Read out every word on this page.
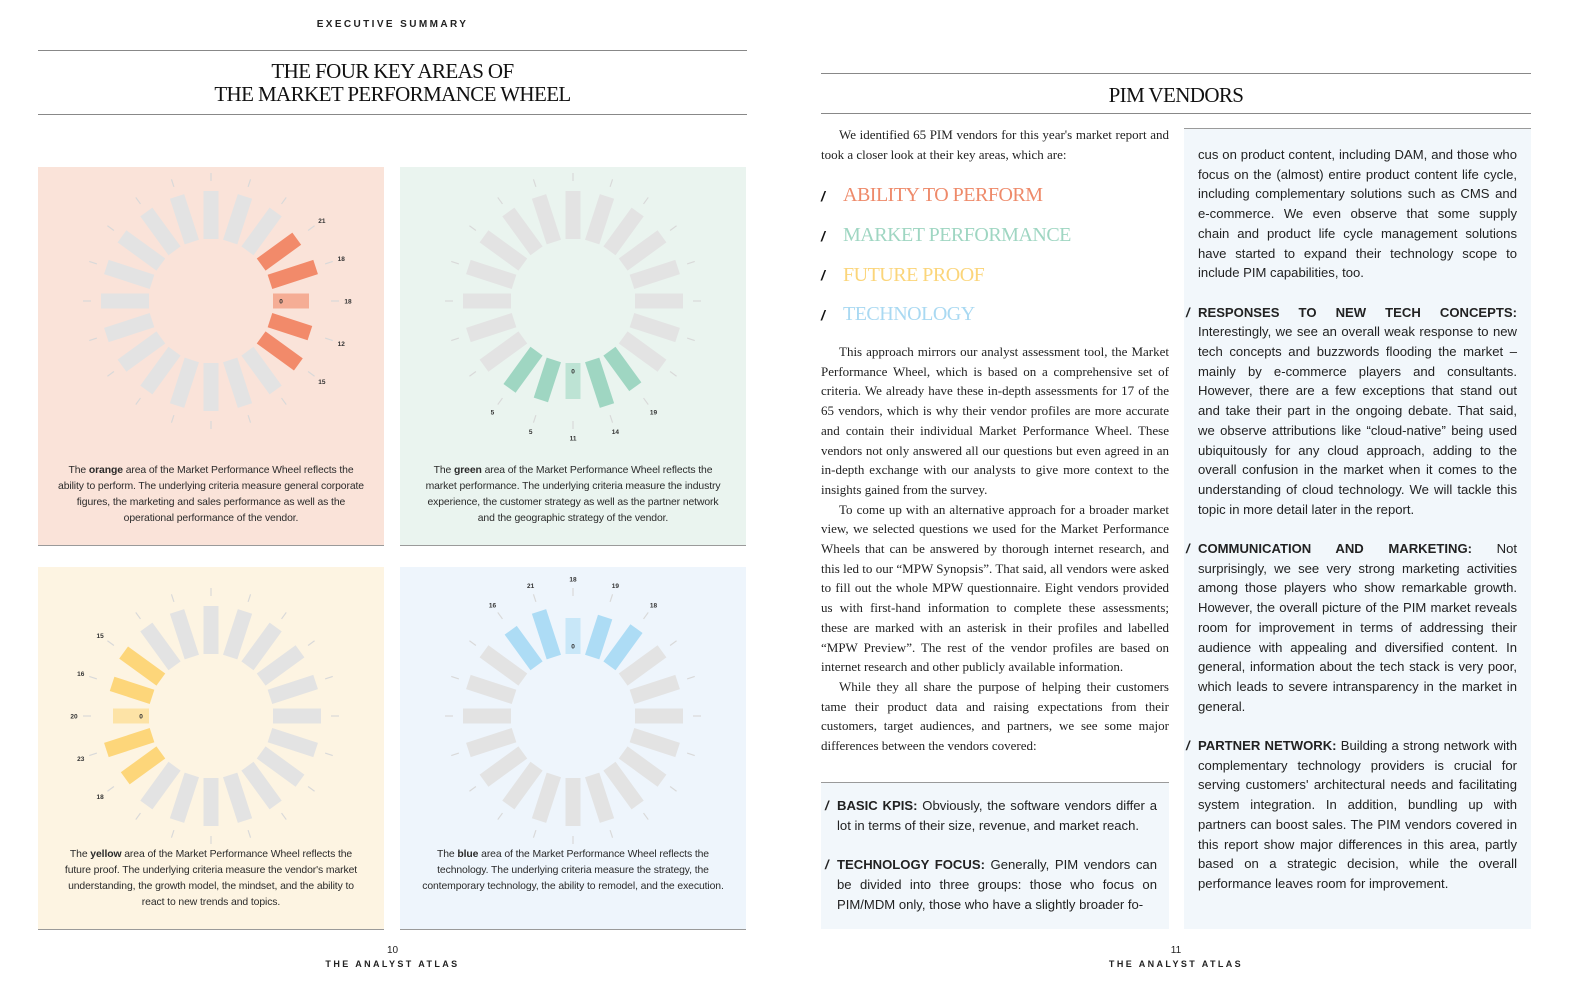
EXECUTIVE SUMMARY
THE FOUR KEY AREAS OF
THE MARKET PERFORMANCE WHEEL
18
0
12
15
21
18
The orange area of the Market Performance Wheel reflects the ability to perform. The underlying criteria measure general corporate figures, the marketing and sales performance as well as the operational performance of the vendor.
19
14
11
0
5
5
The green area of the Market Performance Wheel reflects the market performance. The underlying criteria measure the industry experience, the customer strategy as well as the partner network and the geographic strategy of the vendor.
18
23
20	0
16
15
The yellow area of the Market Performance Wheel reflects the future proof. The underlying criteria measure the vendor's market understanding, the growth model, the mindset, and the ability to react to new trends and topics.
16
21
18
0
19
18
The blue area of the Market Performance Wheel reflects the technology. The underlying criteria measure the strategy, the contemporary technology, the ability to remodel, and the execution.
10
THE ANALYST ATLAS
PIM VENDORS
We identified 65 PIM vendors for this year's market report and took a closer look at their key areas, which are:
/ ABILITY TO PERFORM
/ MARKET PERFORMANCE
/ FUTURE PROOF
/ TECHNOLOGY

This approach mirrors our analyst assessment tool, the Market Performance Wheel, which is based on a comprehensive set of criteria. We already have these in-depth assessments for 17 of the 65 vendors, which is why their vendor profiles are more accurate and contain their individual Market Performance Wheel. These vendors not only answered all our questions but even agreed in an in-depth exchange with our analysts to give more context to the insights gained from the survey.

To come up with an alternative approach for a broader market view, we selected questions we used for the Market Performance Wheels that can be answered by thorough internet research, and this led to our “MPW Synopsis”. That said, all vendors were asked to fill out the whole MPW questionnaire. Eight vendors provided us with first-hand information to complete these assessments; these are marked with an asterisk in their profiles and labelled “MPW Preview”. The rest of the vendor profiles are based on internet research and other publicly available information.

While they all share the purpose of helping their customers tame their product data and raising expectations from their customers, target audiences, and partners, we see some major differences between the vendors covered:

/ BASIC KPIS: Obviously, the software vendors differ a lot in terms of their size, revenue, and market reach.
/ TECHNOLOGY FOCUS: Generally, PIM vendors can be divided into three groups: those who focus on PIM/MDM only, those who have a slightly broader fo-
cus on product content, including DAM, and those who focus on the (almost) entire product content life cycle, including complementary solutions such as CMS and e-commerce. We even observe that some supply chain and product life cycle management solutions have started to expand their technology scope to include PIM capabilities, too.
/ RESPONSES TO NEW TECH CONCEPTS: Interestingly, we see an overall weak response to new tech concepts and buzzwords flooding the market – mainly by e-commerce players and consultants. However, there are a few exceptions that stand out and take their part in the ongoing debate. That said, we observe attributions like “cloud-native” being used ubiquitously for any cloud approach, adding to the overall confusion in the market when it comes to the understanding of cloud technology. We will tackle this topic in more detail later in the report.
/ COMMUNICATION AND MARKETING: Not surprisingly, we see very strong marketing activities among those players who show remarkable growth. However, the overall picture of the PIM market reveals room for improvement in terms of addressing their audience with appealing and diversified content. In general, information about the tech stack is very poor, which leads to severe intransparency in the market in general.
/ PARTNER NETWORK: Building a strong network with complementary technology providers is crucial for serving customers' architectural needs and facilitating system integration. In addition, bundling up with partners can boost sales. The PIM vendors covered in this report show major differences in this area, partly based on a strategic decision, while the overall performance leaves room for improvement.
11
THE ANALYST ATLAS
